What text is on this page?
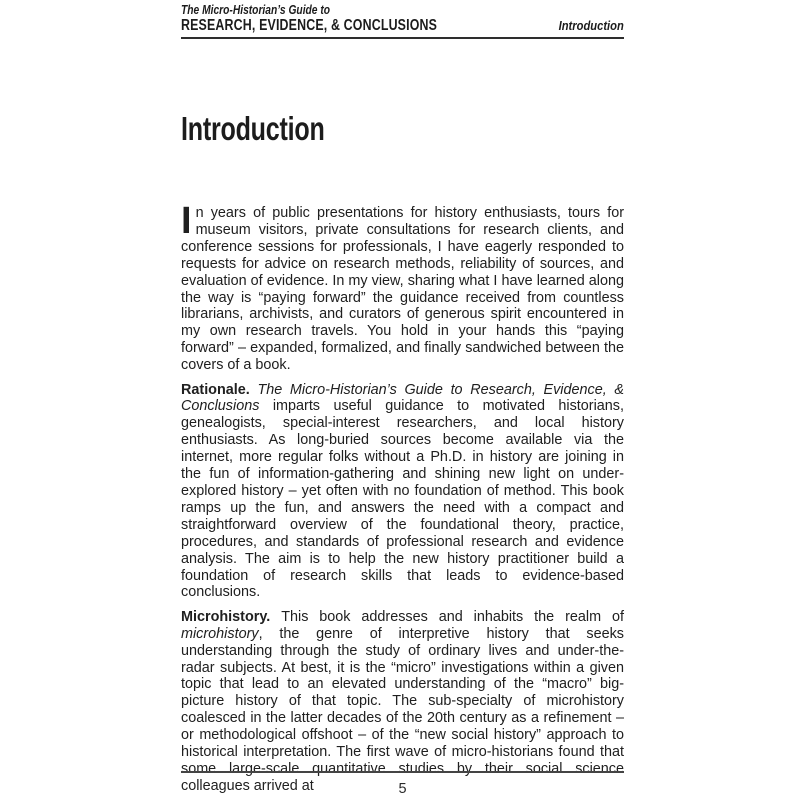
The Micro-Historian’s Guide to
RESEARCH, EVIDENCE, & CONCLUSIONS	Introduction
Introduction

In years of public presentations for history enthusiasts, tours for museum visitors, private consultations for research clients, and conference sessions for professionals, I have eagerly responded to requests for advice on research methods, reliability of sources, and evaluation of evidence. In my view, sharing what I have learned along the way is “paying forward” the guidance received from countless librarians, archivists, and curators of generous spirit encountered in my own research travels. You hold in your hands this “paying forward” – expanded, formalized, and finally sandwiched between the covers of a book.

Rationale. The Micro-Historian’s Guide to Research, Evidence, & Conclusions imparts useful guidance to motivated historians, genealogists, special-interest researchers, and local history enthusiasts. As long-buried sources become available via the internet, more regular folks without a Ph.D. in history are joining in the fun of information-gathering and shining new light on under-explored history – yet often with no foundation of method. This book ramps up the fun, and answers the need with a compact and straightforward overview of the foundational theory, practice, procedures, and standards of professional research and evidence analysis. The aim is to help the new history practitioner build a foundation of research skills that leads to evidence-based conclusions.

Microhistory. This book addresses and inhabits the realm of microhistory, the genre of interpretive history that seeks understanding through the study of ordinary lives and under-the-radar subjects. At best, it is the “micro” investigations within a given topic that lead to an elevated understanding of the “macro” big-picture history of that topic. The sub-specialty of microhistory coalesced in the latter decades of the 20th century as a refinement – or methodological offshoot – of the “new social history” approach to historical interpretation. The first wave of micro-historians found that some large-scale quantitative studies by their social science colleagues arrived at	5
